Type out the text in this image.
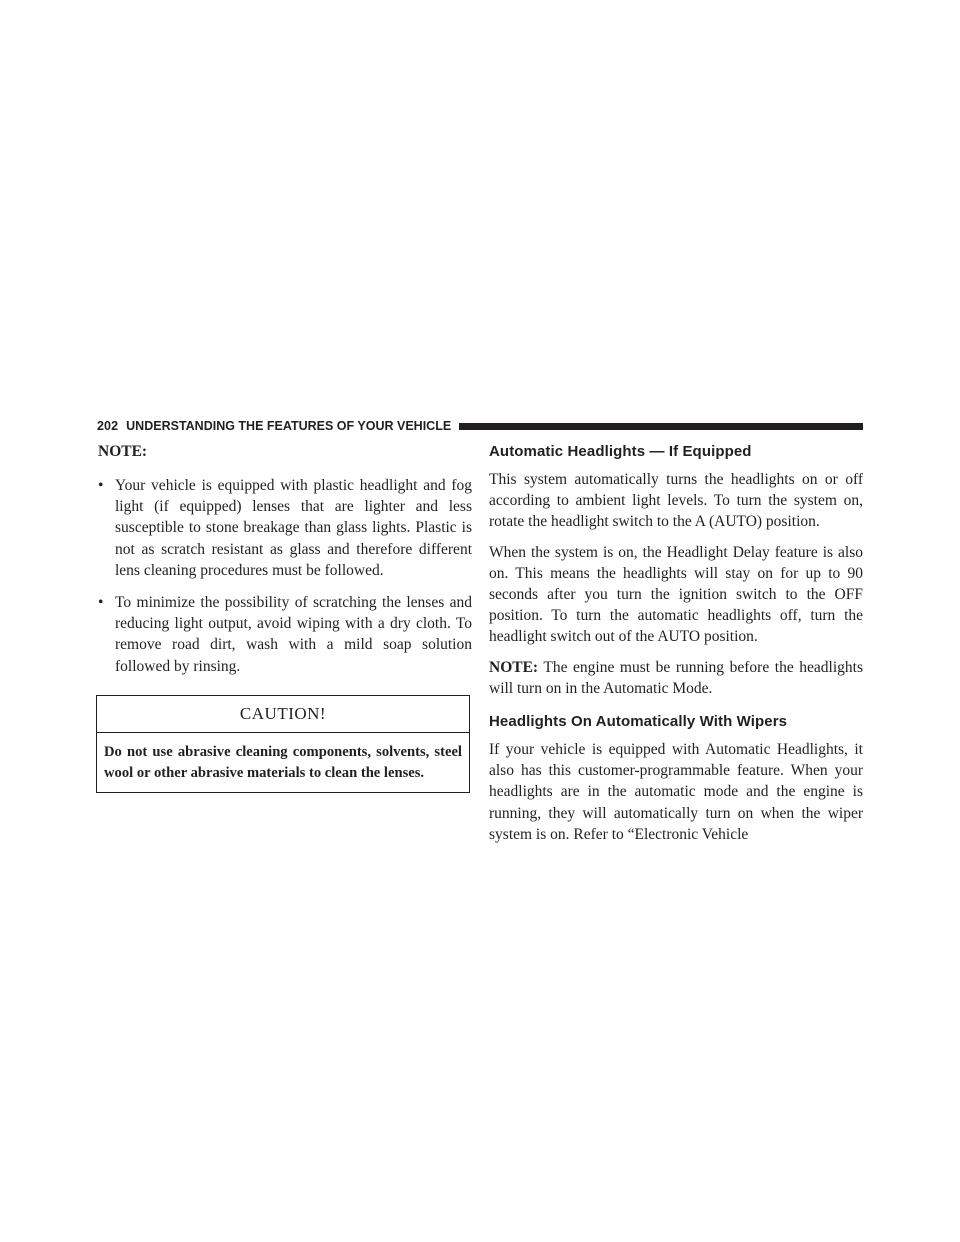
202 UNDERSTANDING THE FEATURES OF YOUR VEHICLE
NOTE:
• Your vehicle is equipped with plastic headlight and fog light (if equipped) lenses that are lighter and less susceptible to stone breakage than glass lights. Plastic is not as scratch resistant as glass and therefore different lens cleaning procedures must be followed.
• To minimize the possibility of scratching the lenses and reducing light output, avoid wiping with a dry cloth. To remove road dirt, wash with a mild soap solution followed by rinsing.
CAUTION!
Do not use abrasive cleaning components, solvents, steel wool or other abrasive materials to clean the lenses.
Automatic Headlights — If Equipped

This system automatically turns the headlights on or off according to ambient light levels. To turn the system on, rotate the headlight switch to the A (AUTO) position.

When the system is on, the Headlight Delay feature is also on. This means the headlights will stay on for up to 90 seconds after you turn the ignition switch to the OFF position. To turn the automatic headlights off, turn the headlight switch out of the AUTO position.

NOTE: The engine must be running before the headlights will turn on in the Automatic Mode.

Headlights On Automatically With Wipers

If your vehicle is equipped with Automatic Headlights, it also has this customer-programmable feature. When your headlights are in the automatic mode and the engine is running, they will automatically turn on when the wiper system is on. Refer to “Electronic Vehicle
